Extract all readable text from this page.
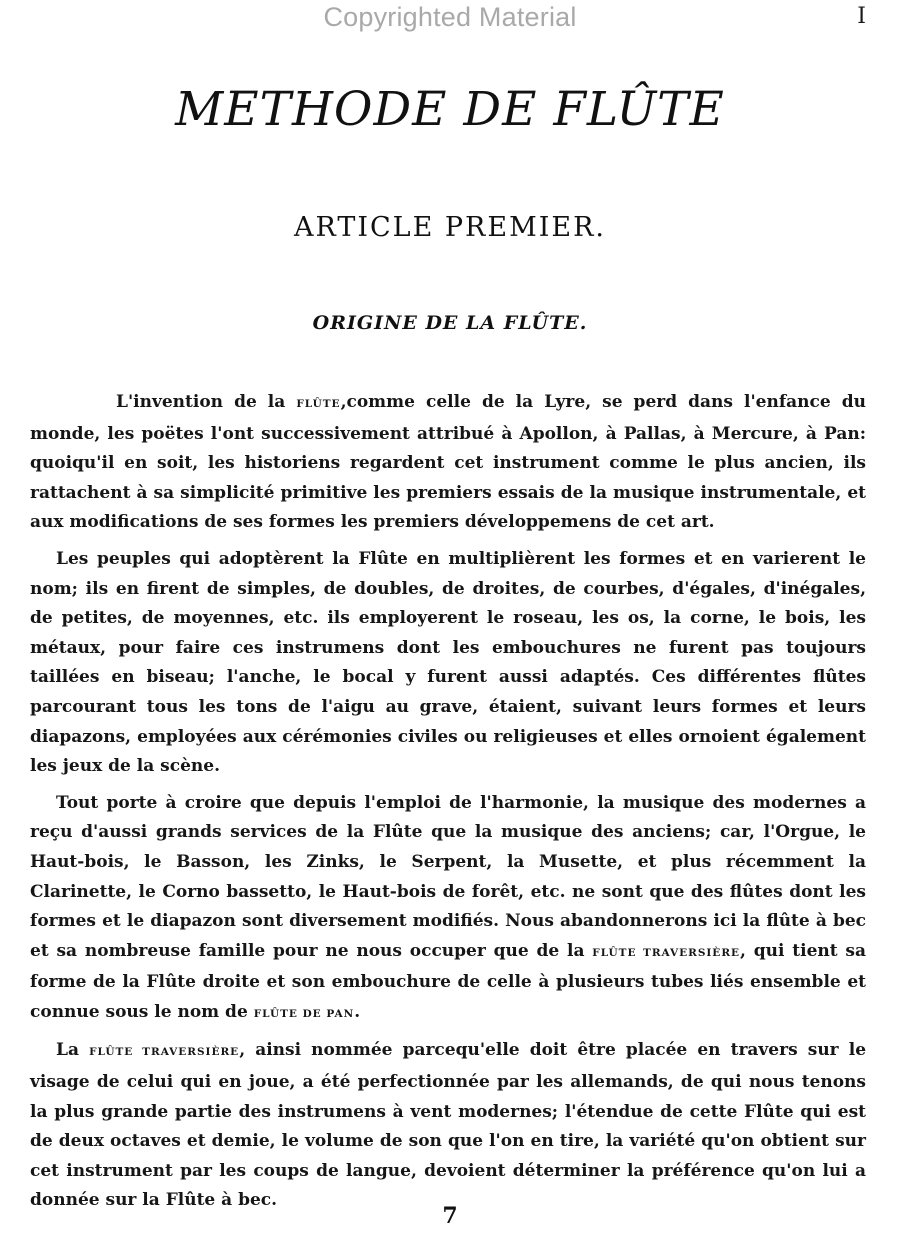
Copyrighted Material	I
METHODE DE FLÛTE
ARTICLE PREMIER.
ORIGINE DE LA FLÛTE.

L'invention de la FLÛTE,comme celle de la Lyre, se perd dans l'enfance du monde, les poëtes l'ont successivement attribué à Apollon, à Pallas, à Mercure, à Pan: quoiqu'il en soit, les historiens regardent cet instrument comme le plus ancien, ils rattachent à sa simplicité primitive les premiers essais de la musique instrumentale, et aux modifications de ses formes les premiers développemens de cet art.

Les peuples qui adoptèrent la Flûte en multiplièrent les formes et en varierent le nom; ils en firent de simples, de doubles, de droites, de courbes, d'égales, d'inégales, de petites, de moyennes, etc. ils employerent le roseau, les os, la corne, le bois, les métaux, pour faire ces instrumens dont les embouchures ne furent pas toujours taillées en biseau; l'anche, le bocal y furent aussi adaptés. Ces différentes flûtes parcourant tous les tons de l'aigu au grave, étaient, suivant leurs formes et leurs diapazons, employées aux cérémonies civiles ou religieuses et elles ornoient également les jeux de la scène.

Tout porte à croire que depuis l'emploi de l'harmonie, la musique des modernes a reçu d'aussi grands services de la Flûte que la musique des anciens; car, l'Orgue, le Haut-bois, le Basson, les Zinks, le Serpent, la Musette, et plus récemment la Clarinette, le Corno bassetto, le Haut-bois de forêt, etc. ne sont que des flûtes dont les formes et le diapazon sont diversement modifiés. Nous abandonnerons ici la flûte à bec et sa nombreuse famille pour ne nous occuper que de la FLÛTE TRAVERSIÈRE, qui tient sa forme de la Flûte droite et son embouchure de celle à plusieurs tubes liés ensemble et connue sous le nom de FLÛTE DE PAN.

La FLÛTE TRAVERSIÈRE, ainsi nommée parcequ'elle doit être placée en travers sur le visage de celui qui en joue, a été perfectionnée par les allemands, de qui nous tenons la plus grande partie des instrumens à vent modernes; l'étendue de cette Flûte qui est de deux octaves et demie, le volume de son que l'on en tire, la variété qu'on obtient sur cet instrument par les coups de langue, devoient déterminer la préférence qu'on lui a donnée sur la Flûte à bec.

7
